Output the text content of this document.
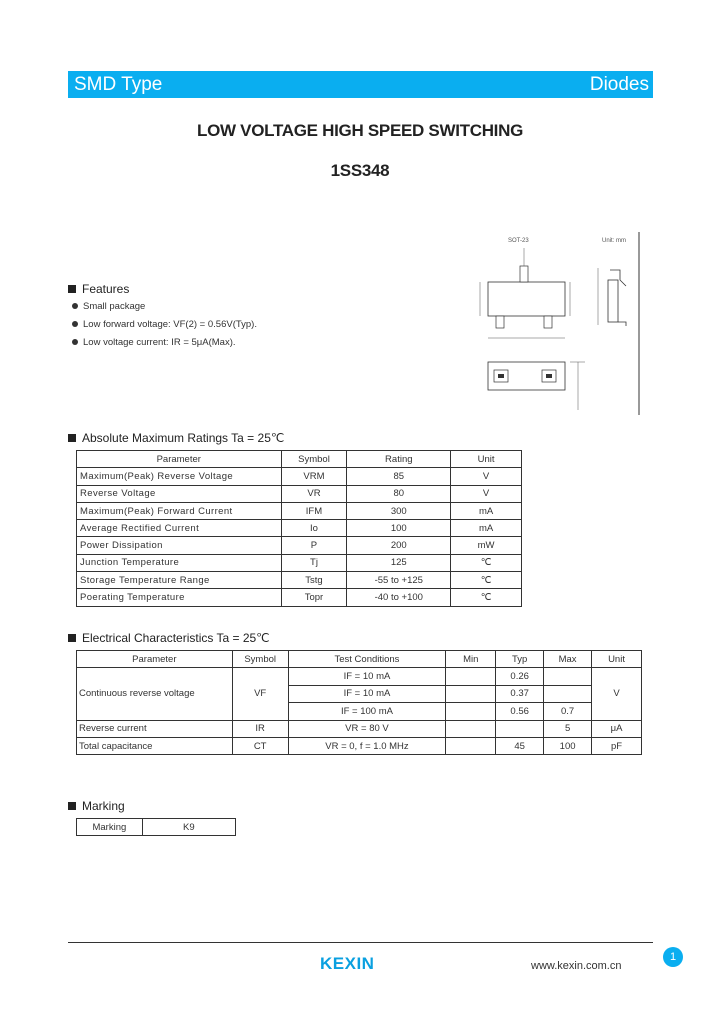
SMD Type	Diodes
LOW VOLTAGE HIGH SPEED SWITCHING
1SS348
SOT-23	Unit: mm
Features
Small package
Low forward voltage: VF(2) = 0.56V(Typ).
Low voltage current: IR = 5μA(Max).
Absolute Maximum Ratings Ta = 25℃
Parameter	Symbol	Rating	Unit
Maximum(Peak) Reverse Voltage	VRM	85	V
Reverse Voltage	VR	80	V
Maximum(Peak) Forward Current	IFM	300	mA
Average Rectified Current	Io	100	mA
Power Dissipation	P	200	mW
Junction Temperature	Tj	125	℃
Storage Temperature Range	Tstg	-55 to +125	℃
Poerating Temperature	Topr	-40 to +100	℃
Electrical Characteristics Ta = 25℃
Parameter	Symbol	Test Conditions	Min	Typ	Max	Unit
Continuous reverse voltage	VF	IF = 10 mA		0.26		V
		IF = 10 mA		0.37		
		IF = 100 mA		0.56	0.7	
Reverse current	IR	VR = 80 V			5	μA
Total capacitance	CT	VR = 0, f = 1.0 MHz		45	100	pF
Marking
Marking	K9
KEXIN	www.kexin.com.cn
1
